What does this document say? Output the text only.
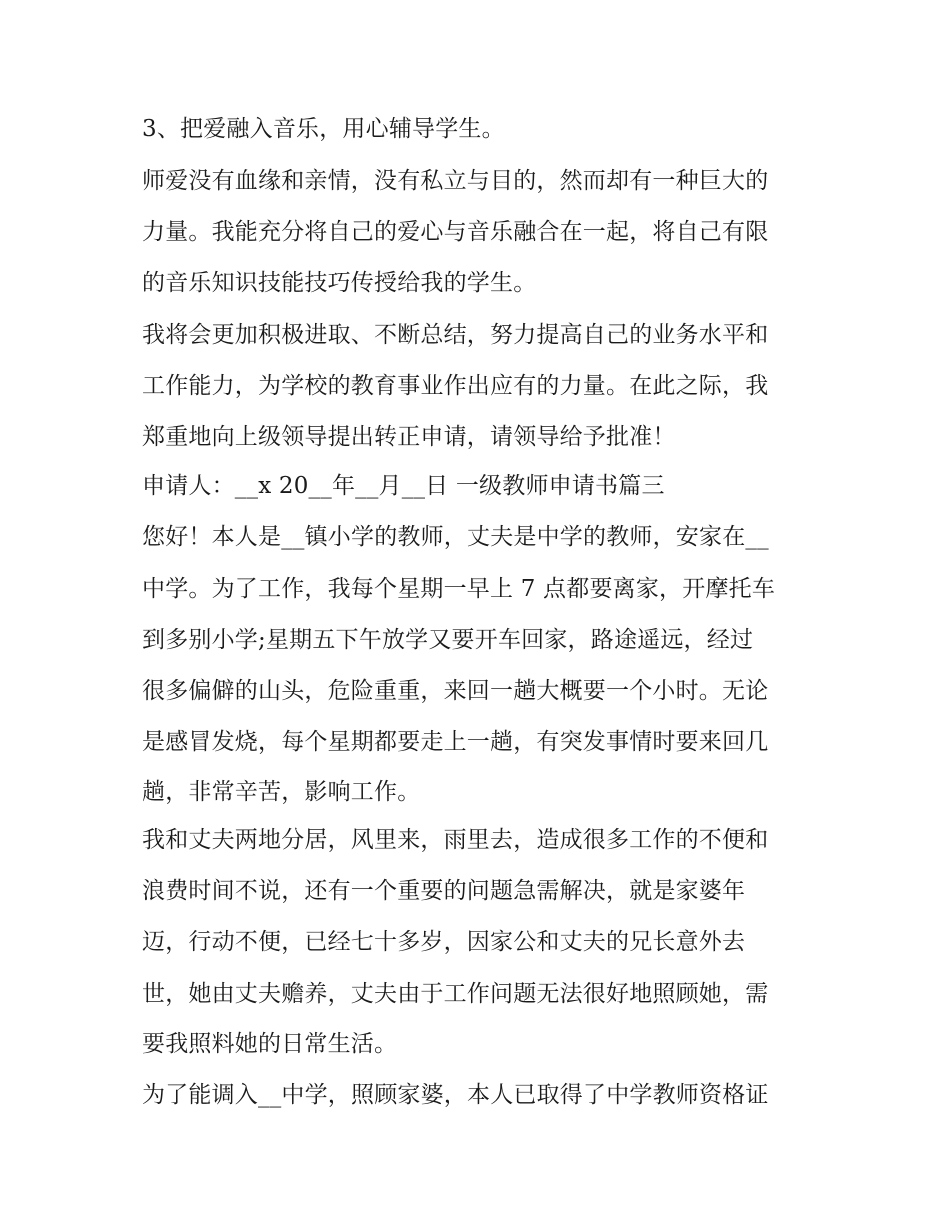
3、把爱融入音乐，用心辅导学生。

师爱没有血缘和亲情，没有私立与目的，然而却有一种巨大的

力量。我能充分将自己的爱心与音乐融合在一起，将自己有限

的音乐知识技能技巧传授给我的学生。

我将会更加积极进取、不断总结，努力提高自己的业务水平和

工作能力，为学校的教育事业作出应有的力量。在此之际，我

郑重地向上级领导提出转正申请，请领导给予批准！

申请人：__x 20__年__月__日 一级教师申请书篇三

您好！本人是__镇小学的教师，丈夫是中学的教师，安家在__

中学。为了工作，我每个星期一早上 7 点都要离家，开摩托车

到多别小学;星期五下午放学又要开车回家，路途遥远，经过

很多偏僻的山头，危险重重，来回一趟大概要一个小时。无论

是感冒发烧，每个星期都要走上一趟，有突发事情时要来回几

趟，非常辛苦，影响工作。

我和丈夫两地分居，风里来，雨里去，造成很多工作的不便和

浪费时间不说，还有一个重要的问题急需解决，就是家婆年

迈，行动不便，已经七十多岁，因家公和丈夫的兄长意外去

世，她由丈夫赡养，丈夫由于工作问题无法很好地照顾她，需

要我照料她的日常生活。

为了能调入__中学，照顾家婆，本人已取得了中学教师资格证
